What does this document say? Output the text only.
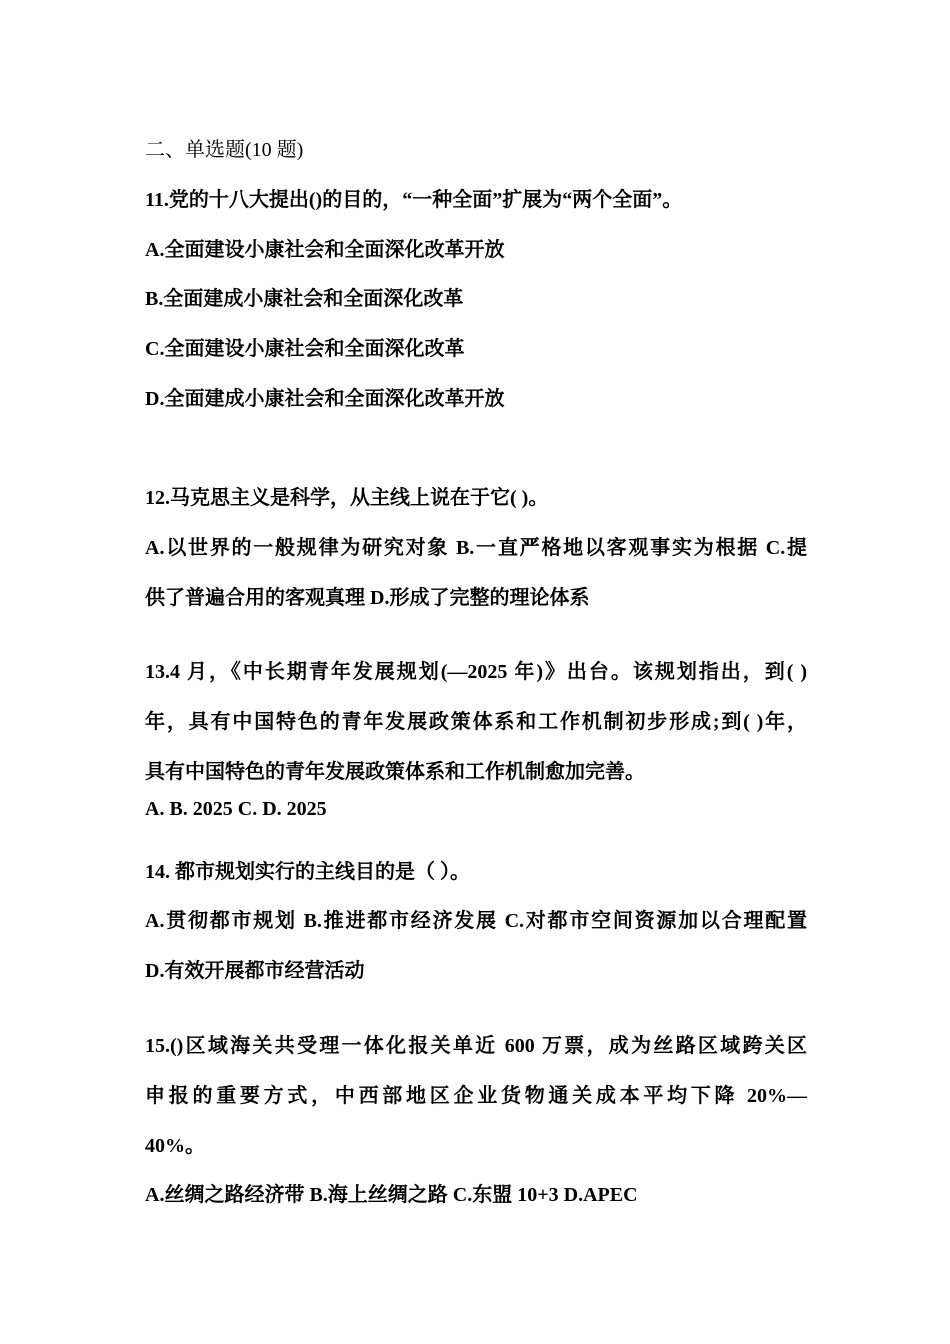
二、单选题(10 题)
11.党的十八大提出()的目的，“一种全面”扩展为“两个全面”。
A.全面建设小康社会和全面深化改革开放
B.全面建成小康社会和全面深化改革
C.全面建设小康社会和全面深化改革
D.全面建成小康社会和全面深化改革开放
12.马克思主义是科学，从主线上说在于它( )。
A.以世界的一般规律为研究对象 B.一直严格地以客观事实为根据 C.提
供了普遍合用的客观真理 D.形成了完整的理论体系
13.4 月，《中长期青年发展规划(—2025 年)》出台。该规划指出，到( )
年，具有中国特色的青年发展政策体系和工作机制初步形成;到( )年，
具有中国特色的青年发展政策体系和工作机制愈加完善。
A. B. 2025 C. D. 2025
14. 都市规划实行的主线目的是（ ）。
A.贯彻都市规划 B.推进都市经济发展 C.对都市空间资源加以合理配置
D.有效开展都市经营活动
15.()区域海关共受理一体化报关单近 600 万票，成为丝路区域跨关区
申报的重要方式，中西部地区企业货物通关成本平均下降 20%—
40%。
A.丝绸之路经济带 B.海上丝绸之路 C.东盟 10+3 D.APEC
